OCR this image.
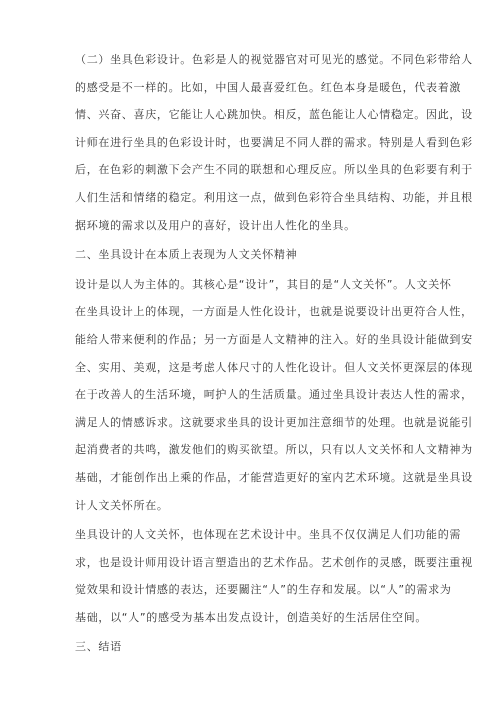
（二）坐具色彩设计。色彩是人的视觉器官对可见光的感觉。不同色彩带给人
的感受是不一样的。比如，中国人最喜爱红色。红色本身是暖色，代表着激
情、兴奋、喜庆，它能让人心跳加快。相反，蓝色能让人心情稳定。因此，设
计师在进行坐具的色彩设计时，也要满足不同人群的需求。特别是人看到色彩
后，在色彩的刺激下会产生不同的联想和心理反应。所以坐具的色彩要有利于
人们生活和情绪的稳定。利用这一点，做到色彩符合坐具结构、功能，并且根
据环境的需求以及用户的喜好，设计出人性化的坐具。
二、坐具设计在本质上表现为人文关怀精神
设计是以人为主体的。其核心是“设计”，其目的是“人文关怀”。人文关怀
在坐具设计上的体现，一方面是人性化设计，也就是说要设计出更符合人性，
能给人带来便利的作品；另一方面是人文精神的注入。好的坐具设计能做到安
全、实用、美观，这是考虑人体尺寸的人性化设计。但人文关怀更深层的体现
在于改善人的生活环境，呵护人的生活质量。通过坐具设计表达人性的需求，
满足人的情感诉求。这就要求坐具的设计更加注意细节的处理。也就是说能引
起消费者的共鸣，激发他们的购买欲望。所以，只有以人文关怀和人文精神为
基础，才能创作出上乘的作品，才能营造更好的室内艺术环境。这就是坐具设
计人文关怀所在。
坐具设计的人文关怀，也体现在艺术设计中。坐具不仅仅满足人们功能的需
求，也是设计师用设计语言塑造出的艺术作品。艺术创作的灵感，既要注重视
觉效果和设计情感的表达，还要關注“人”的生存和发展。以“人”的需求为
基础，以“人”的感受为基本出发点设计，创造美好的生活居住空间。
三、结语
